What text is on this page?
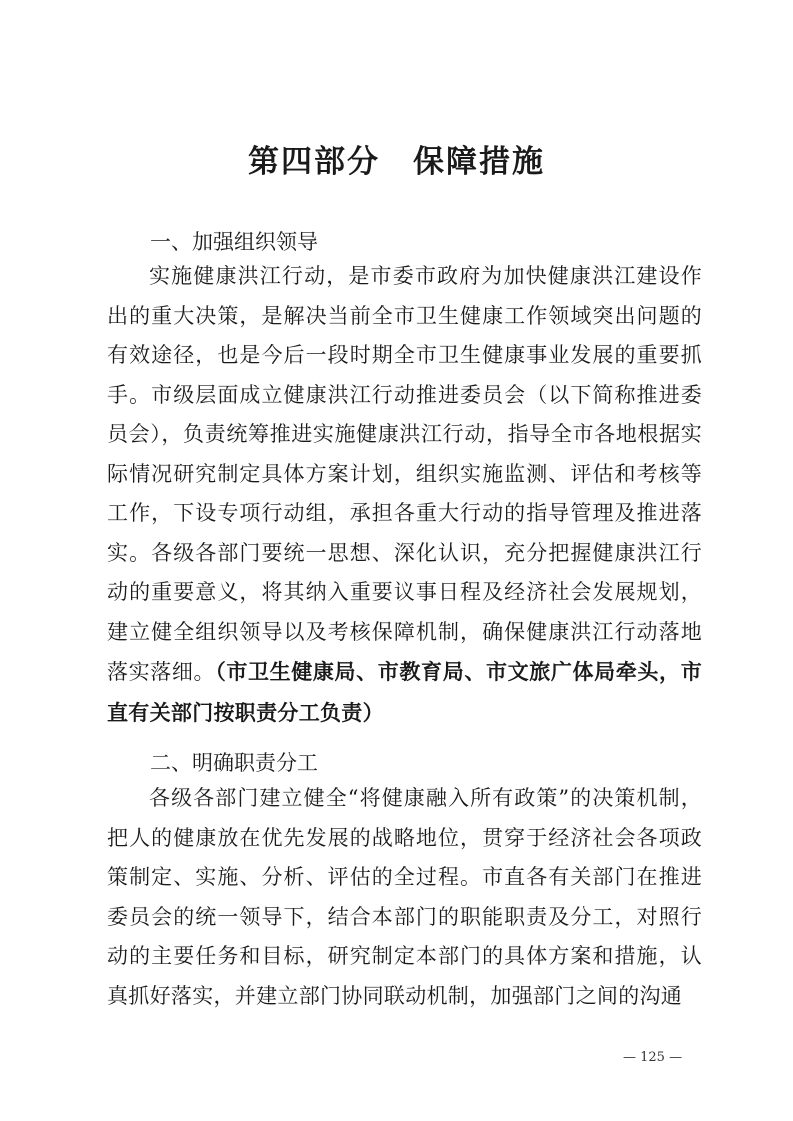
第四部分　保障措施
一、加强组织领导
实施健康洪江行动，是市委市政府为加快健康洪江建设作出的重大决策，是解决当前全市卫生健康工作领域突出问题的有效途径，也是今后一段时期全市卫生健康事业发展的重要抓手。市级层面成立健康洪江行动推进委员会（以下简称推进委员会），负责统筹推进实施健康洪江行动，指导全市各地根据实际情况研究制定具体方案计划，组织实施监测、评估和考核等工作，下设专项行动组，承担各重大行动的指导管理及推进落实。各级各部门要统一思想、深化认识，充分把握健康洪江行动的重要意义，将其纳入重要议事日程及经济社会发展规划，建立健全组织领导以及考核保障机制，确保健康洪江行动落地落实落细。（市卫生健康局、市教育局、市文旅广体局牵头，市直有关部门按职责分工负责）
二、明确职责分工
各级各部门建立健全“将健康融入所有政策”的决策机制，把人的健康放在优先发展的战略地位，贯穿于经济社会各项政策制定、实施、分析、评估的全过程。市直各有关部门在推进委员会的统一领导下，结合本部门的职能职责及分工，对照行动的主要任务和目标，研究制定本部门的具体方案和措施，认真抓好落实，并建立部门协同联动机制，加强部门之间的沟通
— 125 —
